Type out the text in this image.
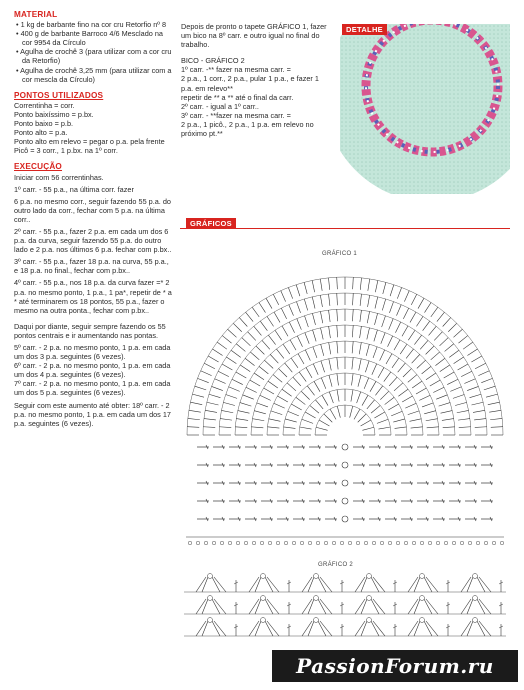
MATERIAL

• 1 kg de barbante fino na cor cru Retorfio nº 8

• 400 g de barbante Barroco 4/6 Mesclado na cor 9954 da Círculo

• Agulha de crochê 3 (para utilizar com a cor cru da Retorfio)

• Agulha de crochê 3,25 mm (para utilizar com a cor mescla da Círculo)

PONTOS UTILIZADOS

Correntinha = corr.

Ponto baixíssimo = p.bx.

Ponto baixo = p.b.

Ponto alto = p.a.

Ponto alto em relevo = pegar o p.a. pela frente

Picô = 3 corr., 1 p.bx. na 1º corr.

EXECUÇÃO

Iniciar com 56 correntinhas.

1º carr. - 55 p.a., na última corr. fazer

6 p.a. no mesmo corr., seguir fazendo 55 p.a. do outro lado da corr., fechar com 5 p.a. na última corr..

2º carr. - 55 p.a., fazer 2 p.a. em cada um dos 6 p.a. da curva, seguir fazendo 55 p.a. do outro lado e 2 p.a. nos últimos 6 p.a. fechar com p.bx..

3º carr. - 55 p.a., fazer 18 p.a. na curva, 55 p.a., e 18 p.a. no final., fechar com p.bx..

4º carr. - 55 p.a., nos 18 p.a. da curva fazer =* 2 p.a. no mesmo ponto, 1 p.a., 1 pa*, repetir de * a * até terminarem os 18 pontos, 55 p.a., fazer o mesmo na outra ponta., fechar com p.bx..

Daqui por diante, seguir sempre fazendo os 55 pontos centrais e ir aumentando nas pontas.

5º carr. - 2 p.a. no mesmo ponto, 1 p.a. em cada um dos 3 p.a. seguintes (6 vezes).

6º carr. - 2 p.a. no mesmo ponto, 1 p.a. em cada um dos 4 p.a. seguintes (6 vezes).

7º carr. - 2 p.a. no mesmo ponto, 1 p.a. em cada um dos 5 p.a. seguintes (6 vezes).

Seguir com este aumento até obter: 18º carr. - 2 p.a. no mesmo ponto, 1 p.a. em cada um dos 17 p.a. seguintes (6 vezes).

Depois de pronto o tapete GRÁFICO 1, fazer um bico na 8º carr. e outro igual no final do trabalho.

BICO - GRÁFICO 2

1º carr. -** fazer na mesma carr. =

2 p.a., 1 corr., 2 p.a., pular 1 p.a., e fazer 1 p.a. em relevo**

repetir de ** a ** até o final da carr.

2º carr. - igual a 1º carr..

3º carr. - **fazer na mesma carr. =

2 p.a., 1 picô., 2 p.a., 1 p.a. em relevo no próximo pt.**

DETALHE
GRÁFICOS
GRÁFICO 1
GRÁFICO 2
PassionForum.ru
